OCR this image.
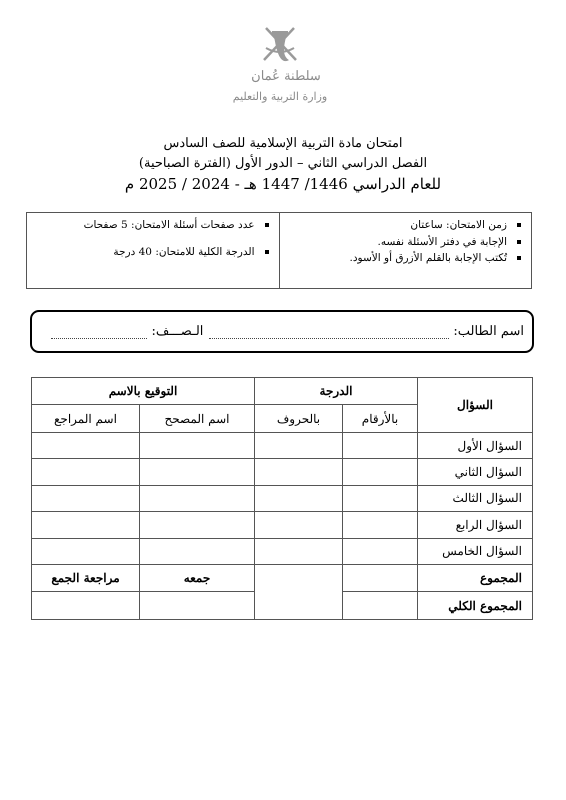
سلطنة عُمان
وزارة التربية والتعليم
امتحان مادة التربية الإسلامية للصف السادس
الفصل الدراسي الثاني – الدور الأول (الفترة الصباحية)
للعام الدراسي 1446/ 1447 هـ - 2024 / 2025 م
زمن الامتحان: ساعتان
الإجابة في دفتر الأسئلة نفسه.
تُكتب الإجابة بالقلم الأزرق أو الأسود.
عدد صفحات أسئلة الامتحان: 5 صفحات
الدرجة الكلية للامتحان: 40 درجة
اسم الطالب:
الـصـــف:
السؤال	الدرجة		التوقيع بالاسم	
	بالأرقام	بالحروف	اسم المصحح	اسم المراجع
السؤال الأول				
السؤال الثاني				
السؤال الثالث				
السؤال الرابع				
السؤال الخامس				
المجموع			جمعه	مراجعة الجمع
المجموع الكلي				
